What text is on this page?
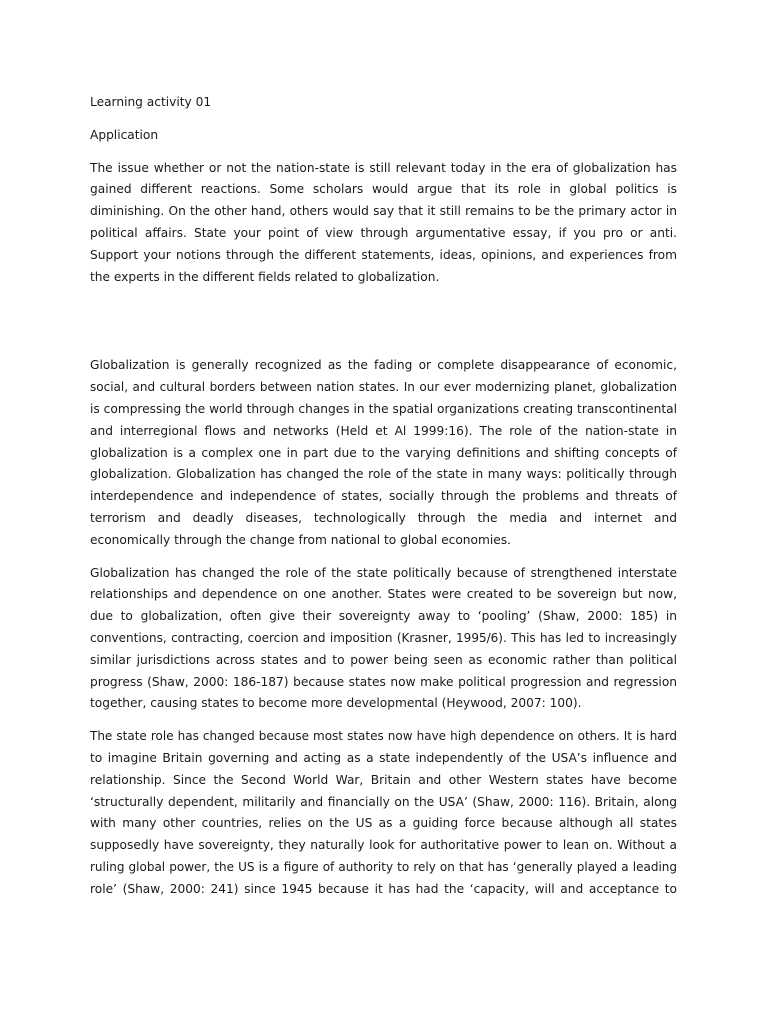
Learning activity 01
Application
The issue whether or not the nation-state is still relevant today in the era of globalization has
gained different reactions. Some scholars would argue that its role in global politics is
diminishing. On the other hand, others would say that it still remains to be the primary actor in
political affairs. State your point of view through argumentative essay, if you pro or anti.
Support your notions through the different statements, ideas, opinions, and experiences from
the experts in the different fields related to globalization.
Globalization is generally recognized as the fading or complete disappearance of economic,
social, and cultural borders between nation states. In our ever modernizing planet, globalization
is compressing the world through changes in the spatial organizations creating transcontinental
and interregional flows and networks (Held et Al 1999:16). The role of the nation-state in
globalization is a complex one in part due to the varying definitions and shifting concepts of
globalization. Globalization has changed the role of the state in many ways: politically through
interdependence and independence of states, socially through the problems and threats of
terrorism and deadly diseases, technologically through the media and internet and
economically through the change from national to global economies.
Globalization has changed the role of the state politically because of strengthened interstate
relationships and dependence on one another. States were created to be sovereign but now,
due to globalization, often give their sovereignty away to ‘pooling’ (Shaw, 2000: 185) in
conventions, contracting, coercion and imposition (Krasner, 1995/6). This has led to increasingly
similar jurisdictions across states and to power being seen as economic rather than political
progress (Shaw, 2000: 186-187) because states now make political progression and regression
together, causing states to become more developmental (Heywood, 2007: 100).
The state role has changed because most states now have high dependence on others. It is hard
to imagine Britain governing and acting as a state independently of the USA’s influence and
relationship. Since the Second World War, Britain and other Western states have become
‘structurally dependent, militarily and financially on the USA’ (Shaw, 2000: 116). Britain, along
with many other countries, relies on the US as a guiding force because although all states
supposedly have sovereignty, they naturally look for authoritative power to lean on. Without a
ruling global power, the US is a figure of authority to rely on that has ‘generally played a leading
role’ (Shaw, 2000: 241) since 1945 because it has had the ‘capacity, will and acceptance to
